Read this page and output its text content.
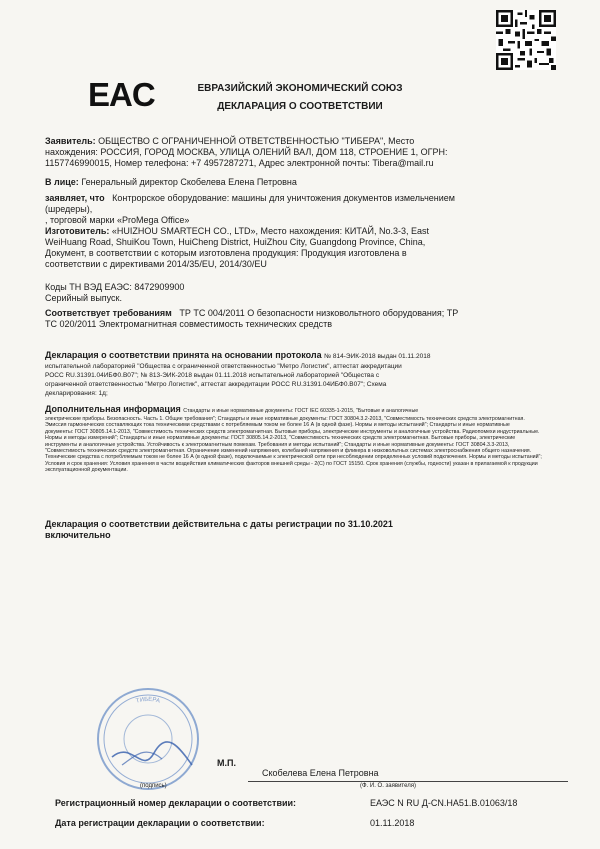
EAC	ЕВРАЗИЙСКИЙ ЭКОНОМИЧЕСКИЙ СОЮЗ
ДЕКЛАРАЦИЯ О СООТВЕТСТВИИ
Заявитель: ОБЩЕСТВО С ОГРАНИЧЕННОЙ ОТВЕТСТВЕННОСТЬЮ "ТИБЕРА", Место
нахождения: РОССИЯ, ГОРОД МОСКВА, УЛИЦА ОЛЕНИЙ ВАЛ, ДОМ 118, СТРОЕНИЕ 1, ОГРН:
1157746990015, Номер телефона: +7 4957287271, Адрес электронной почты: Tibera@mail.ru
В лице: Генеральный директор Скобелева Елена Петровна
заявляет, что Контрорское оборудование: машины для уничтожения документов измельчением
(шредеры),
, торговой марки «ProMega Office»
Изготовитель: «HUIZHOU SMARTECH CO., LTD», Место нахождения: КИТАЙ, No.3-3, East
WeiHuang Road, ShuiKou Town, HuiCheng District, HuiZhou City, Guangdong Province, China,
Документ, в соответствии с которым изготовлена продукция: Продукция изготовлена в
соответствии с директивами 2014/35/EU, 2014/30/EU
Коды ТН ВЭД ЕАЭС: 8472909900
Серийный выпуск.
Соответствует требованиям ТР ТС 004/2011 О безопасности низковольтного оборудования; ТР
ТС 020/2011 Электромагнитная совместимость технических средств
Декларация о соответствии принята на основании протокола № 814-ЭИК-2018 выдан 01.11.2018
испытательной лабораторией "Общества с ограниченной ответственностью "Метро Логистик", аттестат аккредитации
РОСС RU.31391.04ИБФ0.В07"; № 813-ЭИК-2018 выдан 01.11.2018 испытательной лабораторией "Общества с
ограниченной ответственностью "Метро Логистик", аттестат аккредитации РОСС RU.31391.04ИБФ0.В07"; Схема
декларирования: 1д;
Дополнительная информация Стандарты и иные нормативные документы: ГОСТ IEC 60335-1-2015, "Бытовые и аналогичные
электрические приборы. Безопасность. Часть 1. Общие требования"; Стандарты и иные нормативные документы: ГОСТ 30804.3.2-2013, "Совместимость технических средств электромагнитная.
Эмиссия гармонических составляющих тока техническими средствами с потребляемым током не более 16 А (в одной фазе). Нормы и методы испытаний"; Стандарты и иные нормативные
документы: ГОСТ 30805.14.1-2013, "Совместимость технических средств электромагнитная. Бытовые приборы, электрические инструменты и аналогичные устройства. Радиопомехи индустриальные.
Нормы и методы измерений"; Стандарты и иные нормативные документы: ГОСТ 30805.14.2-2013, "Совместимость технических средств электромагнитная. Бытовые приборы, электрические
инструменты и аналогичные устройства. Устойчивость к электромагнитным помехам. Требования и методы испытаний"; Стандарты и иные нормативные документы: ГОСТ 30804.3.3-2013,
"Совместимость технических средств электромагнитная. Ограничение изменений напряжения, колебаний напряжения и фликера в низковольтных системах электроснабжения общего назначения.
Технические средства с потребляемым током не более 16 А (в одной фазе), подключаемые к электрической сети при несоблюдении определенных условий подключения. Нормы и методы испытаний";
Условия и срок хранения: Условия хранения в части воздействия климатических факторов внешней среды - 2(С) по ГОСТ 15150. Срок хранения (службы, годности) указан в прилагаемой к продукции
эксплуатационной документации.
Декларация о соответствии действительна с даты регистрации по 31.10.2021
включительно
ТИБЕРА
М.П.
Скобелева Елена Петровна
(подпись)	(Ф. И. О. заявителя)
Регистрационный номер декларации о соответствии:	ЕАЭС N RU Д-CN.НА51.В.01063/18
Дата регистрации декларации о соответствии:	01.11.2018
